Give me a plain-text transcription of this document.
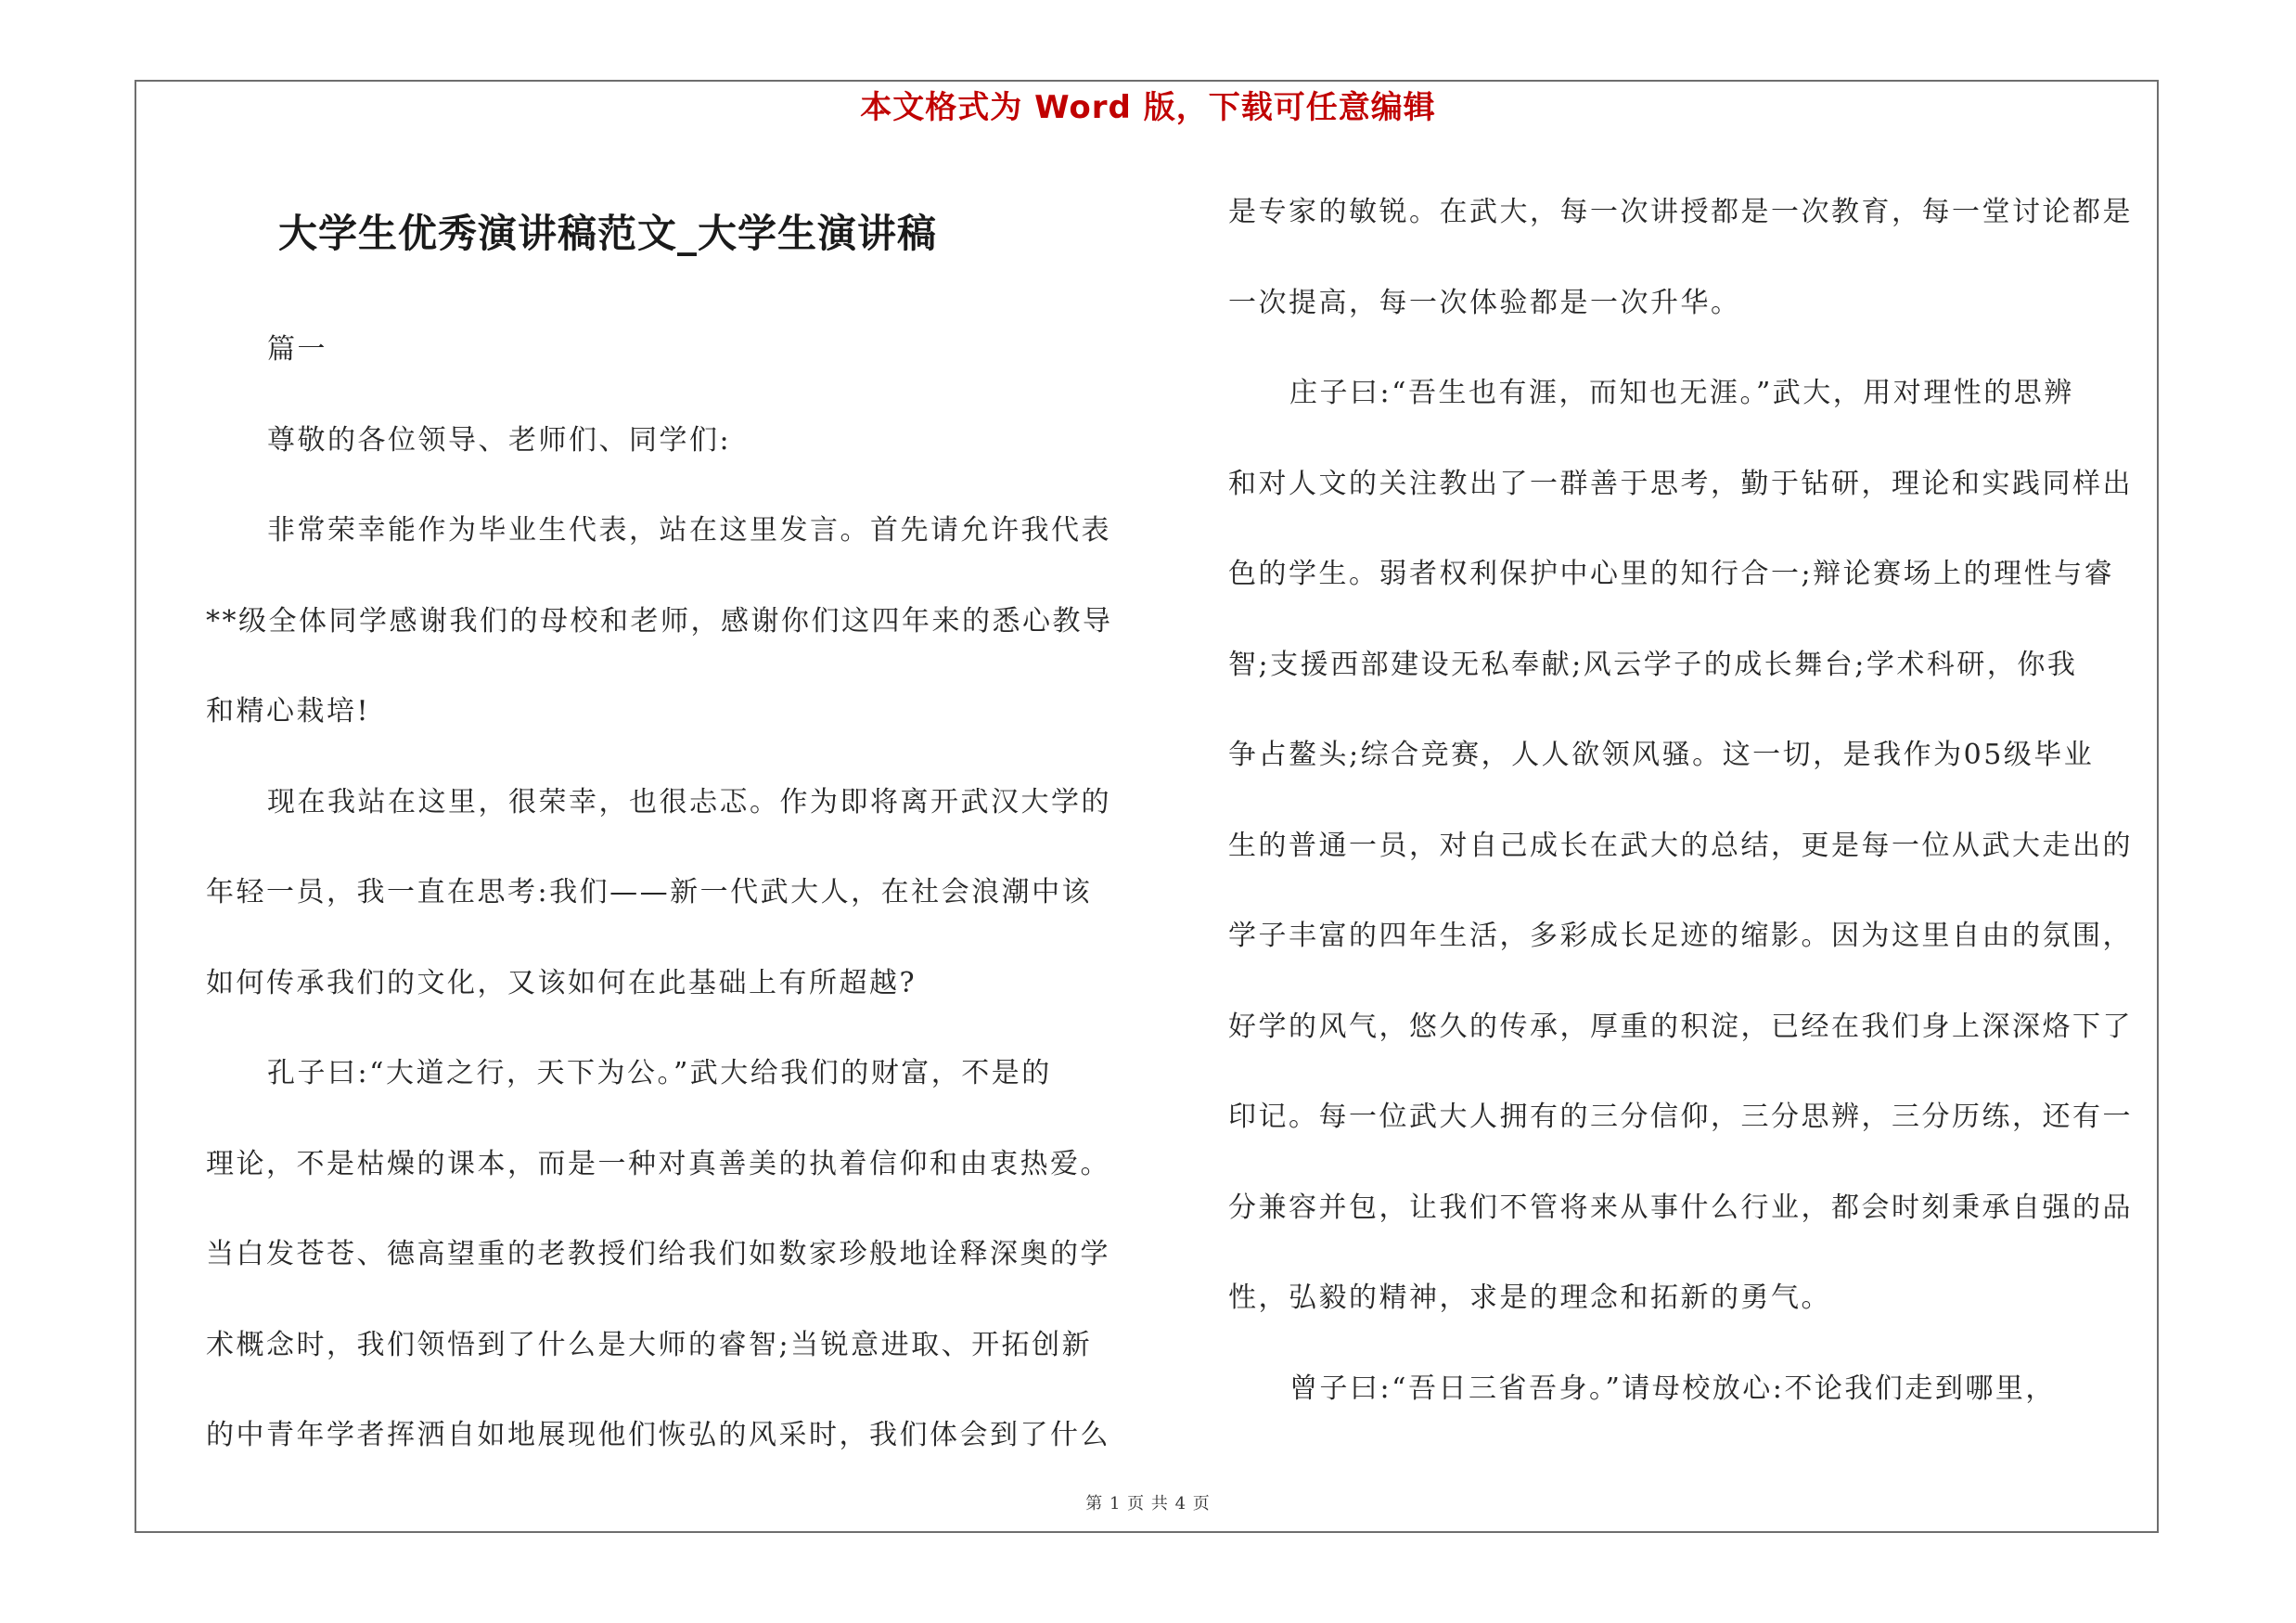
本文格式为 Word 版，下载可任意编辑
大学生优秀演讲稿范文_大学生演讲稿
篇一
尊敬的各位领导、老师们、同学们:
非常荣幸能作为毕业生代表，站在这里发言。首先请允许我代表
**级全体同学感谢我们的母校和老师，感谢你们这四年来的悉心教导
和精心栽培!
现在我站在这里，很荣幸，也很忐忑。作为即将离开武汉大学的
年轻一员，我一直在思考:我们——新一代武大人，在社会浪潮中该
如何传承我们的文化，又该如何在此基础上有所超越?
孔子曰:“大道之行，天下为公。”武大给我们的财富，不是的
理论，不是枯燥的课本，而是一种对真善美的执着信仰和由衷热爱。
当白发苍苍、德高望重的老教授们给我们如数家珍般地诠释深奥的学
术概念时，我们领悟到了什么是大师的睿智;当锐意进取、开拓创新
的中青年学者挥洒自如地展现他们恢弘的风采时，我们体会到了什么
是专家的敏锐。在武大，每一次讲授都是一次教育，每一堂讨论都是
一次提高，每一次体验都是一次升华。
庄子曰:“吾生也有涯，而知也无涯。”武大，用对理性的思辨
和对人文的关注教出了一群善于思考，勤于钻研，理论和实践同样出
色的学生。弱者权利保护中心里的知行合一;辩论赛场上的理性与睿
智;支援西部建设无私奉献;风云学子的成长舞台;学术科研，你我
争占鳌头;综合竞赛，人人欲领风骚。这一切，是我作为05级毕业
生的普通一员，对自己成长在武大的总结，更是每一位从武大走出的
学子丰富的四年生活，多彩成长足迹的缩影。因为这里自由的氛围，
好学的风气，悠久的传承，厚重的积淀，已经在我们身上深深烙下了
印记。每一位武大人拥有的三分信仰，三分思辨，三分历练，还有一
分兼容并包，让我们不管将来从事什么行业，都会时刻秉承自强的品
性，弘毅的精神，求是的理念和拓新的勇气。
曾子曰:“吾日三省吾身。”请母校放心:不论我们走到哪里，
第 1 页 共 4 页
